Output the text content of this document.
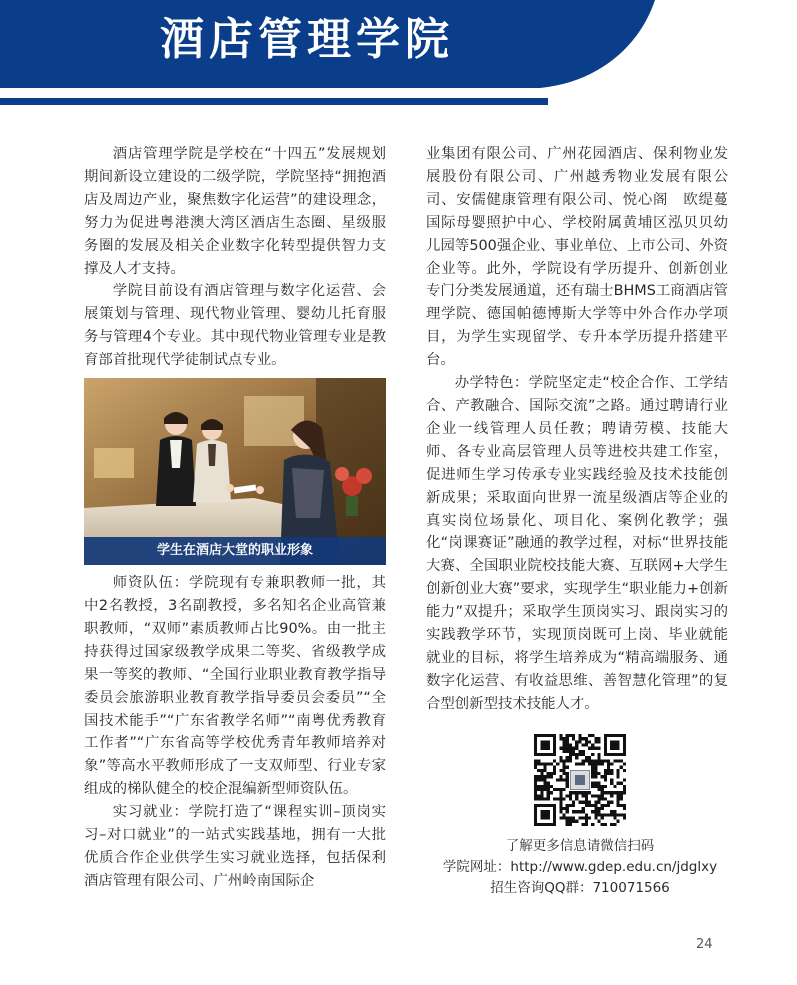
酒店管理学院

酒店管理学院是学校在“十四五”发展规划期间新设立建设的二级学院，学院坚持“拥抱酒店及周边产业，聚焦数字化运营”的建设理念，努力为促进粤港澳大湾区酒店生态圈、星级服务圈的发展及相关企业数字化转型提供智力支撑及人才支持。

学院目前设有酒店管理与数字化运营、会展策划与管理、现代物业管理、婴幼儿托育服务与管理4个专业。其中现代物业管理专业是教育部首批现代学徒制试点专业。

学生在酒店大堂的职业形象

师资队伍：学院现有专兼职教师一批，其中2名教授，3名副教授，多名知名企业高管兼职教师，“双师”素质教师占比90%。由一批主持获得过国家级教学成果二等奖、省级教学成果一等奖的教师、“全国行业职业教育教学指导委员会旅游职业教育教学指导委员会委员”“全国技术能手”“广东省教学名师”“南粤优秀教育工作者”“广东省高等学校优秀青年教师培养对象”等高水平教师形成了一支双师型、行业专家组成的梯队健全的校企混编新型师资队伍。

实习就业：学院打造了“课程实训–顶岗实习–对口就业”的一站式实践基地，拥有一大批优质合作企业供学生实习就业选择，包括保利酒店管理有限公司、广州岭南国际企

业集团有限公司、广州花园酒店、保利物业发展股份有限公司、广州越秀物业发展有限公司、安儒健康管理有限公司、悦心阁　欧缇蔓国际母婴照护中心、学校附属黄埔区泓贝贝幼儿园等500强企业、事业单位、上市公司、外资企业等。此外，学院设有学历提升、创新创业专门分类发展通道，还有瑞士BHMS工商酒店管理学院、德国帕德博斯大学等中外合作办学项目，为学生实现留学、专升本学历提升搭建平台。

办学特色：学院坚定走“校企合作、工学结合、产教融合、国际交流”之路。通过聘请行业企业一线管理人员任教；聘请劳模、技能大师、各专业高层管理人员等进校共建工作室，促进师生学习传承专业实践经验及技术技能创新成果；采取面向世界一流星级酒店等企业的真实岗位场景化、项目化、案例化教学；强化“岗课赛证”融通的教学过程，对标“世界技能大赛、全国职业院校技能大赛、互联网+大学生创新创业大赛”要求，实现学生“职业能力+创新能力”双提升；采取学生顶岗实习、跟岗实习的实践教学环节，实现顶岗既可上岗、毕业就能就业的目标，将学生培养成为“精高端服务、通数字化运营、有收益思维、善智慧化管理”的复合型创新型技术技能人才。

了解更多信息请微信扫码
学院网址：http://www.gdep.edu.cn/jdglxy
招生咨询QQ群：710071566
24
